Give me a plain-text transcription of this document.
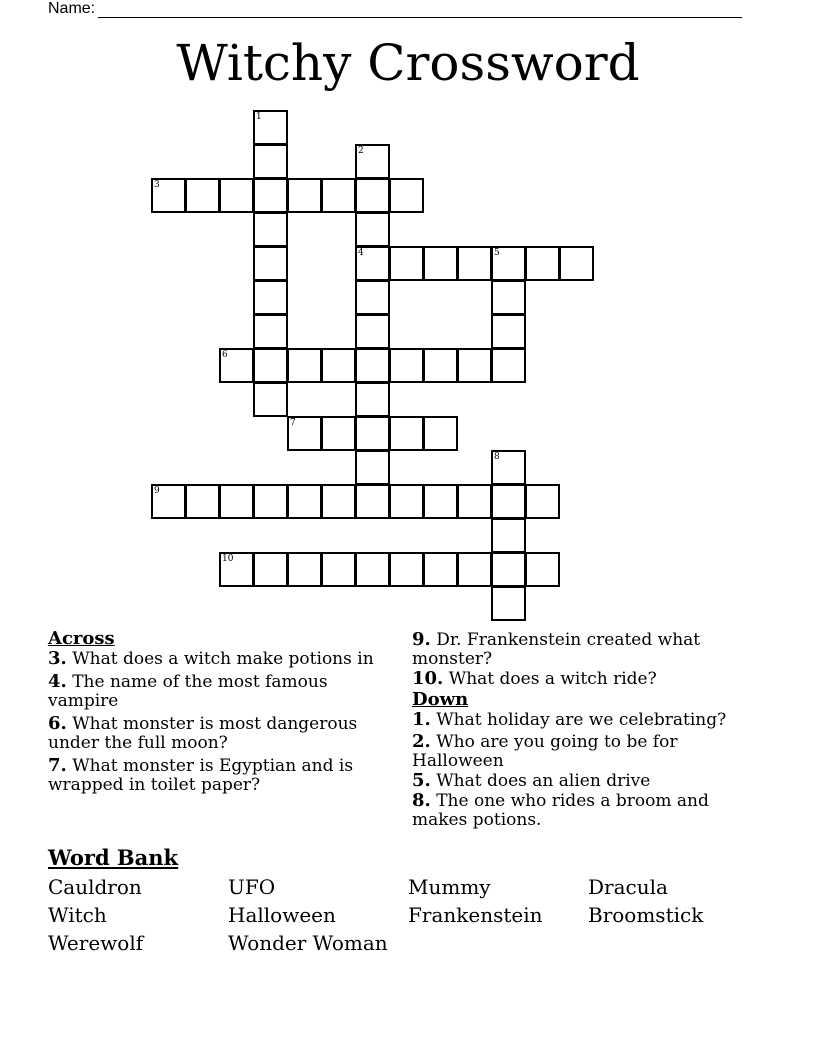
Name:
Witchy Crossword
1
2
3
4	5
6
7
8
9
10
Across
3. What does a witch make potions in
4. The name of the most famous vampire
6. What monster is most dangerous under the full moon?
7. What monster is Egyptian and is wrapped in toilet paper?
9. Dr. Frankenstein created what monster?
10. What does a witch ride?
Down
1. What holiday are we celebrating?
2. Who are you going to be for Halloween
5. What does an alien drive
8. The one who rides a broom and makes potions.
Word Bank
Cauldron	UFO	Mummy	Dracula
Witch	Halloween	Frankenstein Broomstick
Werewolf	Wonder Woman
